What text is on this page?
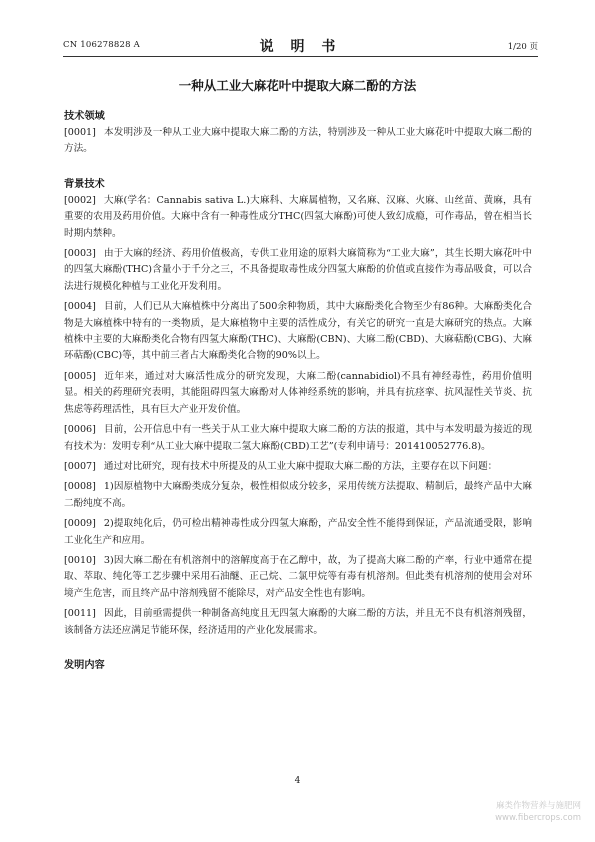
CN 106278828 A	说 明 书	1/20 页
一种从工业大麻花叶中提取大麻二酚的方法

技术领域

[0001] 本发明涉及一种从工业大麻中提取大麻二酚的方法，特别涉及一种从工业大麻花叶中提取大麻二酚的方法。

背景技术

[0002] 大麻(学名：Cannabis sativa L.)大麻科、大麻属植物，又名麻、汉麻、火麻、山丝苗、黄麻，具有重要的农用及药用价值。大麻中含有一种毒性成分THC(四氢大麻酚)可使人致幻成瘾，可作毒品，曾在相当长时期内禁种。

[0003] 由于大麻的经济、药用价值极高，专供工业用途的原料大麻简称为“工业大麻”，其生长期大麻花叶中的四氢大麻酚(THC)含量小于千分之三，不具备提取毒性成分四氢大麻酚的价值或直接作为毒品吸食，可以合法进行规模化种植与工业化开发利用。

[0004] 目前，人们已从大麻植株中分离出了500余种物质，其中大麻酚类化合物至少有86种。大麻酚类化合物是大麻植株中特有的一类物质，是大麻植物中主要的活性成分，有关它的研究一直是大麻研究的热点。大麻植株中主要的大麻酚类化合物有四氢大麻酚(THC)、大麻酚(CBN)、大麻二酚(CBD)、大麻萜酚(CBG)、大麻环萜酚(CBC)等，其中前三者占大麻酚类化合物的90%以上。

[0005] 近年来，通过对大麻活性成分的研究发现，大麻二酚(cannabidiol)不具有神经毒性，药用价值明显。相关的药理研究表明，其能阻碍四氢大麻酚对人体神经系统的影响，并具有抗痉挛、抗风湿性关节炎、抗焦虑等药理活性，具有巨大产业开发价值。

[0006] 目前，公开信息中有一些关于从工业大麻中提取大麻二酚的方法的报道，其中与本发明最为接近的现有技术为：发明专利“从工业大麻中提取二氢大麻酚(CBD)工艺”(专利申请号：201410052776.8)。

[0007] 通过对比研究，现有技术中所提及的从工业大麻中提取大麻二酚的方法，主要存在以下问题：

[0008] 1)因原植物中大麻酚类成分复杂，极性相似成分较多，采用传统方法提取、精制后，最终产品中大麻二酚纯度不高。

[0009] 2)提取纯化后，仍可检出精神毒性成分四氢大麻酚，产品安全性不能得到保证，产品流通受限，影响工业化生产和应用。

[0010] 3)因大麻二酚在有机溶剂中的溶解度高于在乙醇中，故，为了提高大麻二酚的产率，行业中通常在提取、萃取、纯化等工艺步骤中采用石油醚、正己烷、二氯甲烷等有毒有机溶剂。但此类有机溶剂的使用会对环境产生危害，而且终产品中溶剂残留不能除尽，对产品安全性也有影响。

[0011] 因此，目前亟需提供一种制备高纯度且无四氢大麻酚的大麻二酚的方法，并且无不良有机溶剂残留，该制备方法还应满足节能环保，经济适用的产业化发展需求。

发明内容

4
麻类作物营养与施肥网
www.fibercrops.com
